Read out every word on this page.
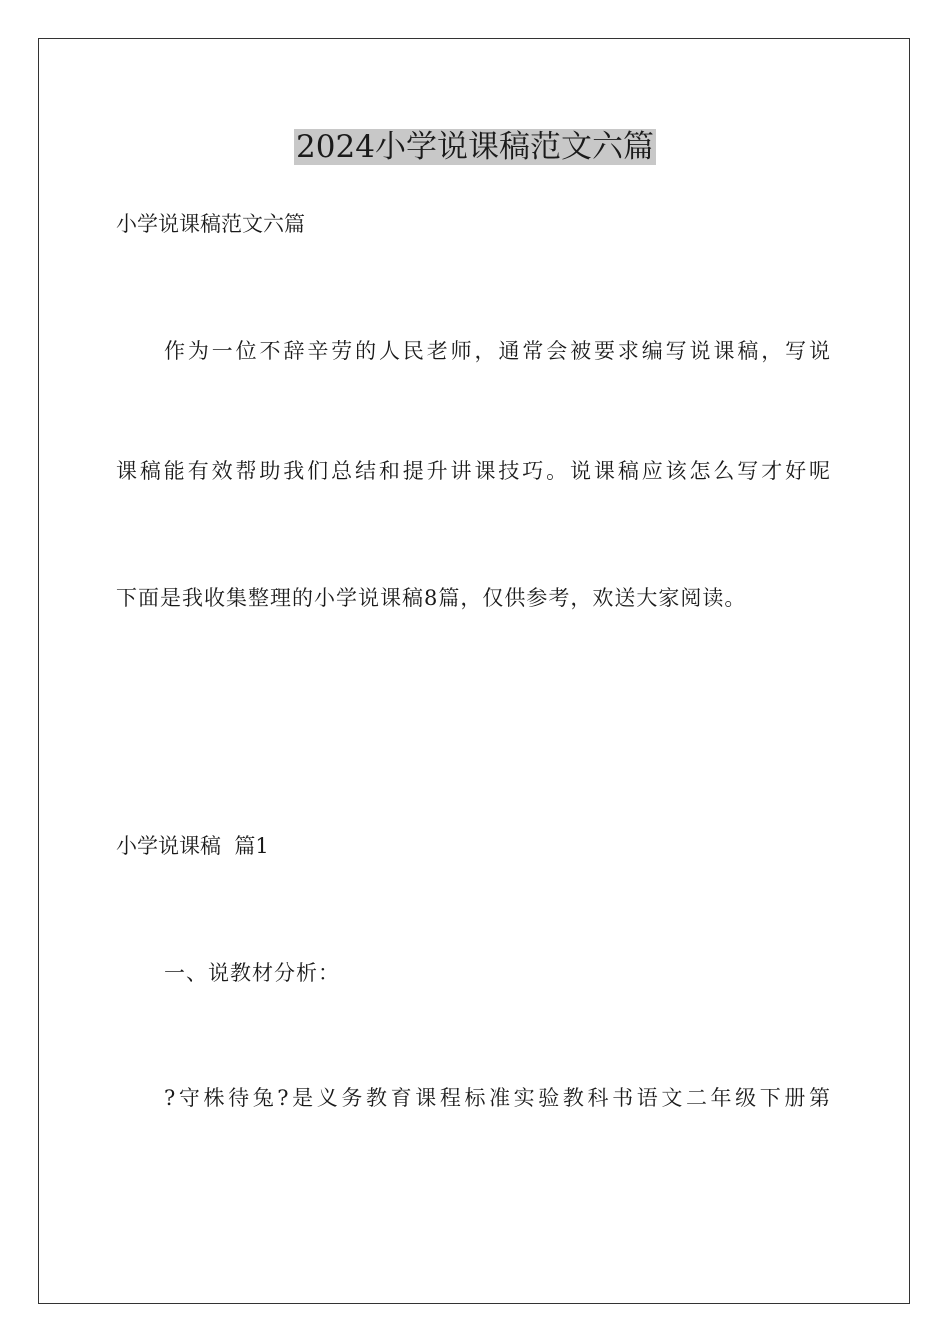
2024小学说课稿范文六篇

小学说课稿范文六篇

作为一位不辞辛劳的人民老师，通常会被要求编写说课稿，写说

课稿能有效帮助我们总结和提升讲课技巧。说课稿应该怎么写才好呢

下面是我收集整理的小学说课稿8篇，仅供参考，欢送大家阅读。

小学说课稿  篇1

一、说教材分析：

?守株待兔?是义务教育课程标准实验教科书语文二年级下册第
